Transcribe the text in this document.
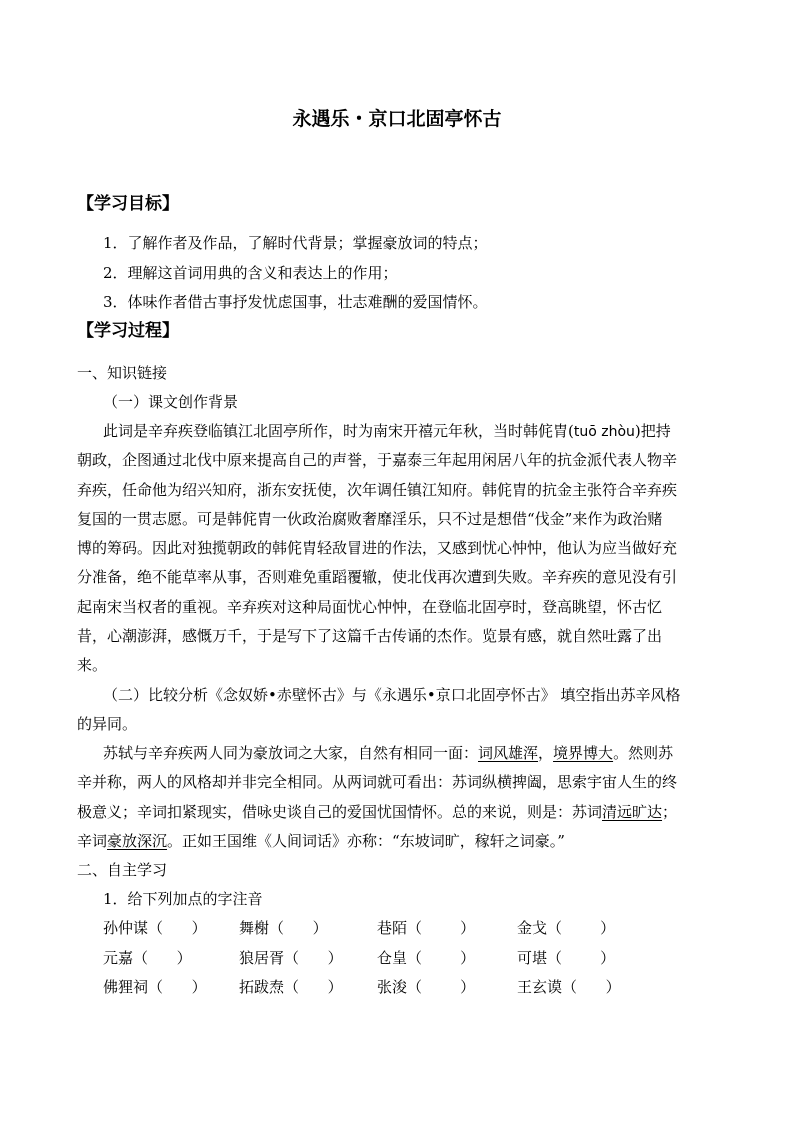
永遇乐・京口北固亭怀古
【学习目标】
1．了解作者及作品，了解时代背景；掌握豪放词的特点；
2．理解这首词用典的含义和表达上的作用；
3．体味作者借古事抒发忧虑国事，壮志难酬的爱国情怀。
【学习过程】
一、知识链接
（一）课文创作背景
此词是辛弃疾登临镇江北固亭所作，时为南宋开禧元年秋，当时韩侂胄(tuō zhòu)把持
朝政，企图通过北伐中原来提高自己的声誉，于嘉泰三年起用闲居八年的抗金派代表人物辛
弃疾，任命他为绍兴知府，浙东安抚使，次年调任镇江知府。韩侂胄的抗金主张符合辛弃疾
复国的一贯志愿。可是韩侂胄一伙政治腐败奢靡淫乐，只不过是想借“伐金”来作为政治赌
博的筹码。因此对独揽朝政的韩侂胄轻敌冒进的作法，又感到忧心忡忡，他认为应当做好充
分准备，绝不能草率从事，否则难免重蹈覆辙，使北伐再次遭到失败。辛弃疾的意见没有引
起南宋当权者的重视。辛弃疾对这种局面忧心忡忡，在登临北固亭时，登高眺望，怀古忆
昔，心潮澎湃，感慨万千，于是写下了这篇千古传诵的杰作。览景有感，就自然吐露了出
来。
（二）比较分析《念奴娇•赤壁怀古》与《永遇乐•京口北固亭怀古》 填空指出苏辛风格
的异同。
苏轼与辛弃疾两人同为豪放词之大家，自然有相同一面：词风雄浑，境界博大。然则苏
辛并称，两人的风格却并非完全相同。从两词就可看出：苏词纵横捭阖，思索宇宙人生的终
极意义；辛词扣紧现实，借咏史谈自己的爱国忧国情怀。总的来说，则是：苏词清远旷达；
辛词豪放深沉。正如王国维《人间词话》亦称：“东坡词旷，稼轩之词豪。”
二、自主学习
1．给下列加点的字注音
孙仲谋（      ） 舞榭（      ）	巷陌（        ）	金戈（        ）
元嘉（      ）	狼居胥（      ） 仓皇（        ）	可堪（        ）
佛狸祠（      ） 拓跋焘（      ） 张浚（        ）	王玄谟（      ）
